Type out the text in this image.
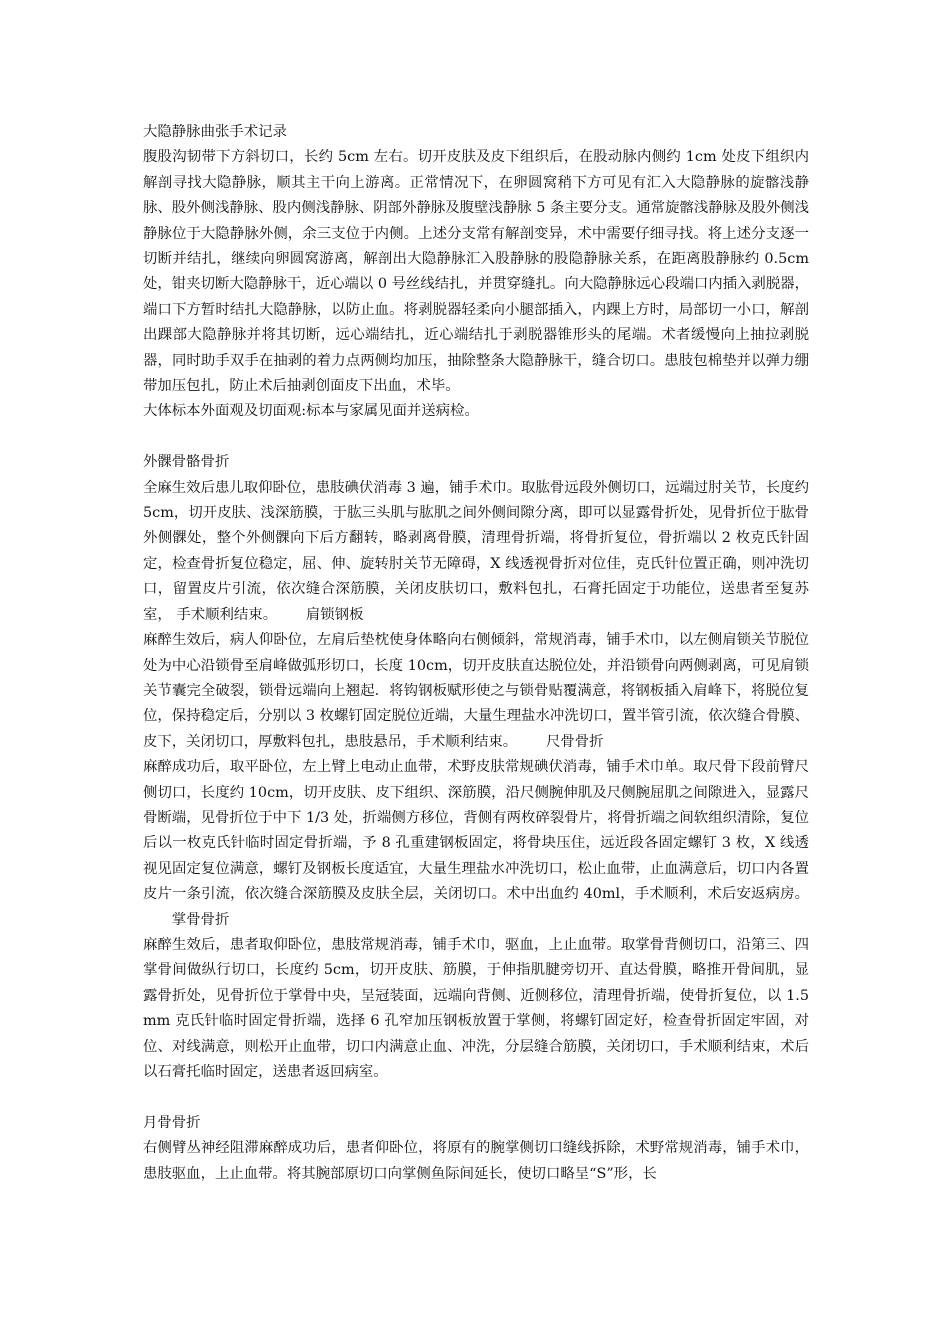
大隐静脉曲张手术记录

腹股沟韧带下方斜切口，长约 5cm 左右。切开皮肤及皮下组织后，在股动脉内侧约 1cm 处皮下组织内解剖寻找大隐静脉，顺其主干向上游离。正常情况下，在卵圆窝稍下方可见有汇入大隐静脉的旋髂浅静脉、股外侧浅静脉、股内侧浅静脉、阴部外静脉及腹壁浅静脉 5 条主要分支。通常旋髂浅静脉及股外侧浅静脉位于大隐静脉外侧，余三支位于内侧。上述分支常有解剖变异，术中需要仔细寻找。将上述分支逐一切断并结扎，继续向卵圆窝游离，解剖出大隐静脉汇入股静脉的股隐静脉关系，在距离股静脉约 0.5cm 处，钳夹切断大隐静脉干，近心端以 0 号丝线结扎，并贯穿缝扎。向大隐静脉远心段端口内插入剥脱器，端口下方暂时结扎大隐静脉，以防止血。将剥脱器轻柔向小腿部插入，内踝上方时，局部切一小口，解剖出踝部大隐静脉并将其切断，远心端结扎，近心端结扎于剥脱器锥形头的尾端。术者缓慢向上抽拉剥脱器，同时助手双手在抽剥的着力点两侧均加压，抽除整条大隐静脉干，缝合切口。患肢包棉垫并以弹力绷带加压包扎，防止术后抽剥创面皮下出血，术毕。

大体标本外面观及切面观:标本与家属见面并送病检。

外髁骨骼骨折

全麻生效后患儿取仰卧位，患肢碘伏消毒 3 遍，铺手术巾。取肱骨远段外侧切口，远端过肘关节，长度约 5cm，切开皮肤、浅深筋膜，于肱三头肌与肱肌之间外侧间隙分离，即可以显露骨折处，见骨折位于肱骨外侧髁处，整个外侧髁向下后方翻转，略剥离骨膜，清理骨折端，将骨折复位，骨折端以 2 枚克氏针固定，检查骨折复位稳定，屈、伸、旋转肘关节无障碍，X 线透视骨折对位佳，克氏针位置正确，则冲洗切口，留置皮片引流，依次缝合深筋膜，关闭皮肤切口，敷料包扎，石膏托固定于功能位，送患者至复苏室， 手术顺利结束。 肩锁钢板

麻醉生效后，病人仰卧位，左肩后垫枕使身体略向右侧倾斜，常规消毒，铺手术巾，以左侧肩锁关节脱位处为中心沿锁骨至肩峰做弧形切口，长度 10cm，切开皮肤直达脱位处，并沿锁骨向两侧剥离，可见肩锁关节囊完全破裂，锁骨远端向上翘起．将钩钢板赋形使之与锁骨贴覆满意，将钢板插入肩峰下，将脱位复位，保持稳定后，分别以 3 枚螺钉固定脱位近端，大量生理盐水冲洗切口，置半管引流，依次缝合骨膜、皮下，关闭切口，厚敷料包扎，患肢悬吊，手术顺利结束。 尺骨骨折

麻醉成功后，取平卧位，左上臂上电动止血带，术野皮肤常规碘伏消毒，铺手术巾单。取尺骨下段前臂尺侧切口，长度约 10cm，切开皮肤、皮下组织、深筋膜，沿尺侧腕伸肌及尺侧腕屈肌之间隙进入，显露尺骨断端，见骨折位于中下 1/3 处，折端侧方移位，背侧有两枚碎裂骨片，将骨折端之间软组织清除，复位后以一枚克氏针临时固定骨折端，予 8 孔重建钢板固定，将骨块压住，远近段各固定螺钉 3 枚，X 线透视见固定复位满意，螺钉及钢板长度适宜，大量生理盐水冲洗切口，松止血带，止血满意后，切口内各置皮片一条引流，依次缝合深筋膜及皮肤全层，关闭切口。术中出血约 40ml，手术顺利，术后安返病房。掌骨骨折

麻醉生效后，患者取仰卧位，患肢常规消毒，铺手术巾，驱血，上止血带。取掌骨背侧切口，沿第三、四掌骨间做纵行切口，长度约 5cm，切开皮肤、筋膜，于伸指肌腱旁切开、直达骨膜，略推开骨间肌，显露骨折处，见骨折位于掌骨中央，呈冠装面，远端向背侧、近侧移位，清理骨折端，使骨折复位，以 1.5mm 克氏针临时固定骨折端，选择 6 孔窄加压钢板放置于掌侧，将螺钉固定好，检查骨折固定牢固，对位、对线满意，则松开止血带，切口内满意止血、冲洗，分层缝合筋膜，关闭切口，手术顺利结束，术后以石膏托临时固定，送患者返回病室。

月骨骨折

右侧臂丛神经阻滞麻醉成功后，患者仰卧位，将原有的腕掌侧切口缝线拆除，术野常规消毒，铺手术巾，患肢驱血，上止血带。将其腕部原切口向掌侧鱼际间延长，使切口略呈“S”形，长
